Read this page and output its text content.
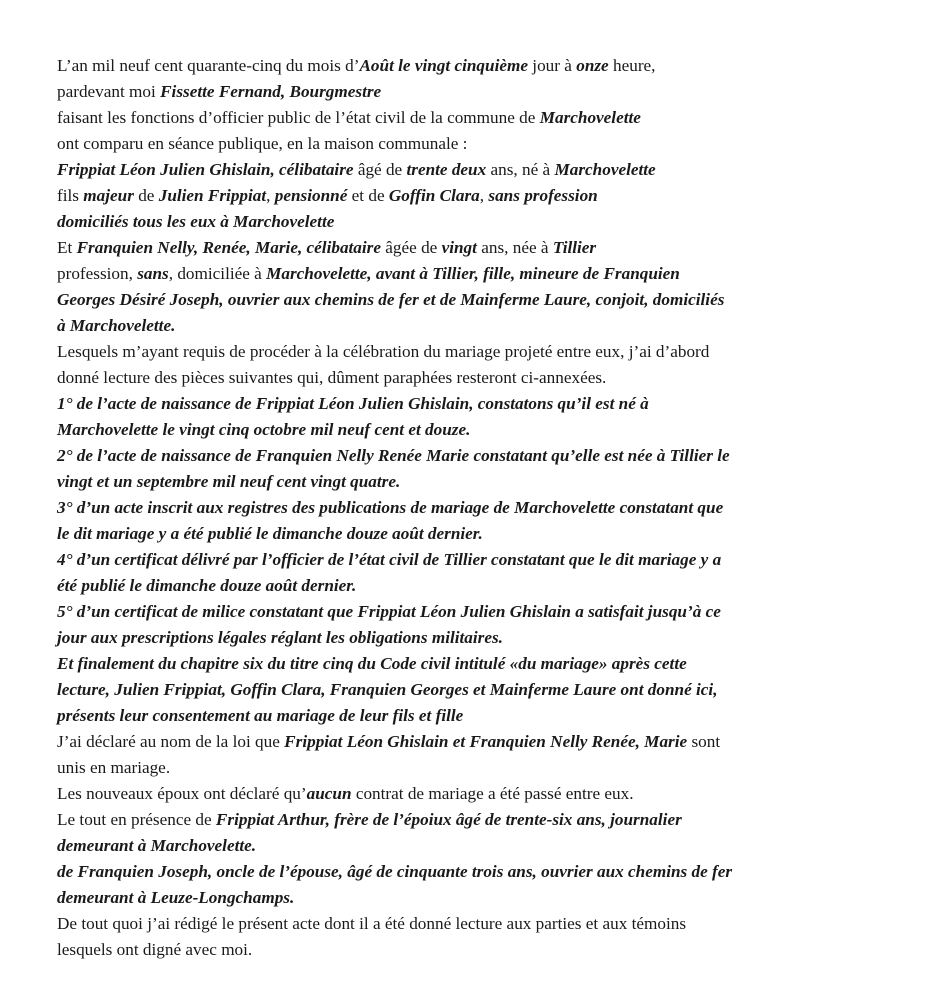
L’an mil neuf cent quarante-cinq du mois d’Août le vingt cinquième jour à onze heure,
pardevant moi Fissette Fernand, Bourgmestre
faisant les fonctions d’officier public de l’état civil de la commune de Marchovelette
ont comparu en séance publique, en la maison communale :
Frippiat Léon Julien Ghislain, célibataire âgé de trente deux ans, né à Marchovelette
fils majeur de Julien Frippiat, pensionné et de Goffin Clara, sans profession
domiciliés tous les eux à Marchovelette
Et Franquien Nelly, Renée, Marie, célibataire âgée de vingt ans, née à Tillier
profession, sans, domiciliée à Marchovelette, avant à Tillier, fille, mineure de Franquien
Georges Désiré Joseph, ouvrier aux chemins de fer et de Mainferme Laure, conjoit, domiciliés
à Marchovelette.
Lesquels m’ayant requis de procéder à la célébration du mariage projeté entre eux, j’ai d’abord
donné lecture des pièces suivantes qui, dûment paraphées resteront ci-annexées.
1° de l’acte de naissance de Frippiat Léon Julien Ghislain, constatons qu’il est né à
Marchovelette le vingt cinq octobre mil neuf cent et douze.
2° de l’acte de naissance de Franquien Nelly Renée Marie constatant qu’elle est née à Tillier le
vingt et un septembre mil neuf cent vingt quatre.
3° d’un acte inscrit aux registres des publications de mariage de Marchovelette constatant que
le dit mariage y a été publié le dimanche douze août dernier.
4° d’un certificat délivré par l’officier de l’état civil de Tillier constatant que le dit mariage y a
été publié le dimanche douze août dernier.
5° d’un certificat de milice constatant que Frippiat Léon Julien Ghislain a satisfait jusqu’à ce
jour aux prescriptions légales réglant les obligations militaires.
Et finalement du chapitre six du titre cinq du Code civil intitulé «du mariage» après cette
lecture, Julien Frippiat, Goffin Clara, Franquien Georges et Mainferme Laure ont donné ici,
présents leur consentement au mariage de leur fils et fille
J’ai déclaré au nom de la loi que Frippiat Léon Ghislain et Franquien Nelly Renée, Marie sont
unis en mariage.
Les nouveaux époux ont déclaré qu’aucun contrat de mariage a été passé entre eux.
Le tout en présence de Frippiat Arthur, frère de l’époiux âgé de trente-six ans, journalier
demeurant à Marchovelette.
de Franquien Joseph, oncle de l’épouse, âgé de cinquante trois ans, ouvrier aux chemins de fer
demeurant à Leuze-Longchamps.
De tout quoi j’ai rédigé le présent acte dont il a été donné lecture aux parties et aux témoins
lesquels ont digné avec moi.
